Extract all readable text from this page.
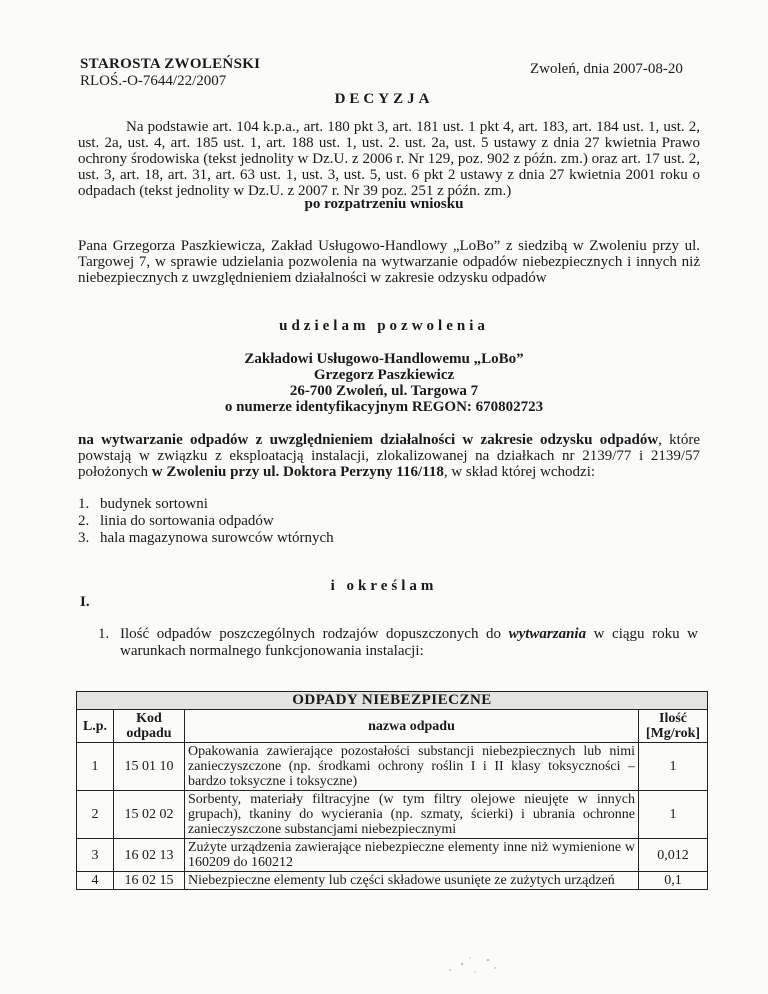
STAROSTA ZWOLEŃSKI
RLOŚ.-O-7644/22/2007
Zwoleń, dnia 2007-08-20
DECYZJA
Na podstawie art. 104 k.p.a., art. 180 pkt 3, art. 181 ust. 1 pkt 4, art. 183, art. 184 ust. 1, ust. 2, ust. 2a, ust. 4, art. 185 ust. 1, art. 188 ust. 1, ust. 2. ust. 2a, ust. 5 ustawy z dnia 27 kwietnia Prawo ochrony środowiska (tekst jednolity w Dz.U. z 2006 r. Nr 129, poz. 902 z późn. zm.) oraz art. 17 ust. 2, ust. 3, art. 18, art. 31, art. 63 ust. 1, ust. 3, ust. 5, ust. 6 pkt 2 ustawy z dnia 27 kwietnia 2001 roku o odpadach (tekst jednolity w Dz.U. z 2007 r. Nr 39 poz. 251 z późn. zm.)
po rozpatrzeniu wniosku
Pana Grzegorza Paszkiewicza, Zakład Usługowo-Handlowy „LoBo” z siedzibą w Zwoleniu przy ul. Targowej 7, w sprawie udzielania pozwolenia na wytwarzanie odpadów niebezpiecznych i innych niż niebezpiecznych z uwzględnieniem działalności w zakresie odzysku odpadów
udzielam pozwolenia
Zakładowi Usługowo-Handlowemu „LoBo”
Grzegorz Paszkiewicz
26-700 Zwoleń, ul. Targowa 7
o numerze identyfikacyjnym REGON: 670802723
na wytwarzanie odpadów z uwzględnieniem działalności w zakresie odzysku odpadów, które powstają w związku z eksploatacją instalacji, zlokalizowanej na działkach nr 2139/77 i 2139/57 położonych w Zwoleniu przy ul. Doktora Perzyny 116/118, w skład której wchodzi:
1. budynek sortowni
2. linia do sortowania odpadów
3. hala magazynowa surowców wtórnych
i określam
I.
1. Ilość odpadów poszczególnych rodzajów dopuszczonych do wytwarzania w ciągu roku w warunkach normalnego funkcjonowania instalacji:
ODPADY NIEBEZPIECZNE			
L.p.	Kod odpadu	nazwa odpadu	Ilość [Mg/rok]
1	15 01 10	Opakowania zawierające pozostałości substancji niebezpiecznych lub nimi zanieczyszczone (np. środkami ochrony roślin I i II klasy toksyczności – bardzo toksyczne i toksyczne)	1
2	15 02 02	Sorbenty, materiały filtracyjne (w tym filtry olejowe nieujęte w innych grupach), tkaniny do wycierania (np. szmaty, ścierki) i ubrania ochronne zanieczyszczone substancjami niebezpiecznymi	1
3	16 02 13	Zużyte urządzenia zawierające niebezpieczne elementy inne niż wymienione w 160209 do 160212	0,012
4	16 02 15	Niebezpieczne elementy lub części składowe usunięte ze zużytych urządzeń	0,1
